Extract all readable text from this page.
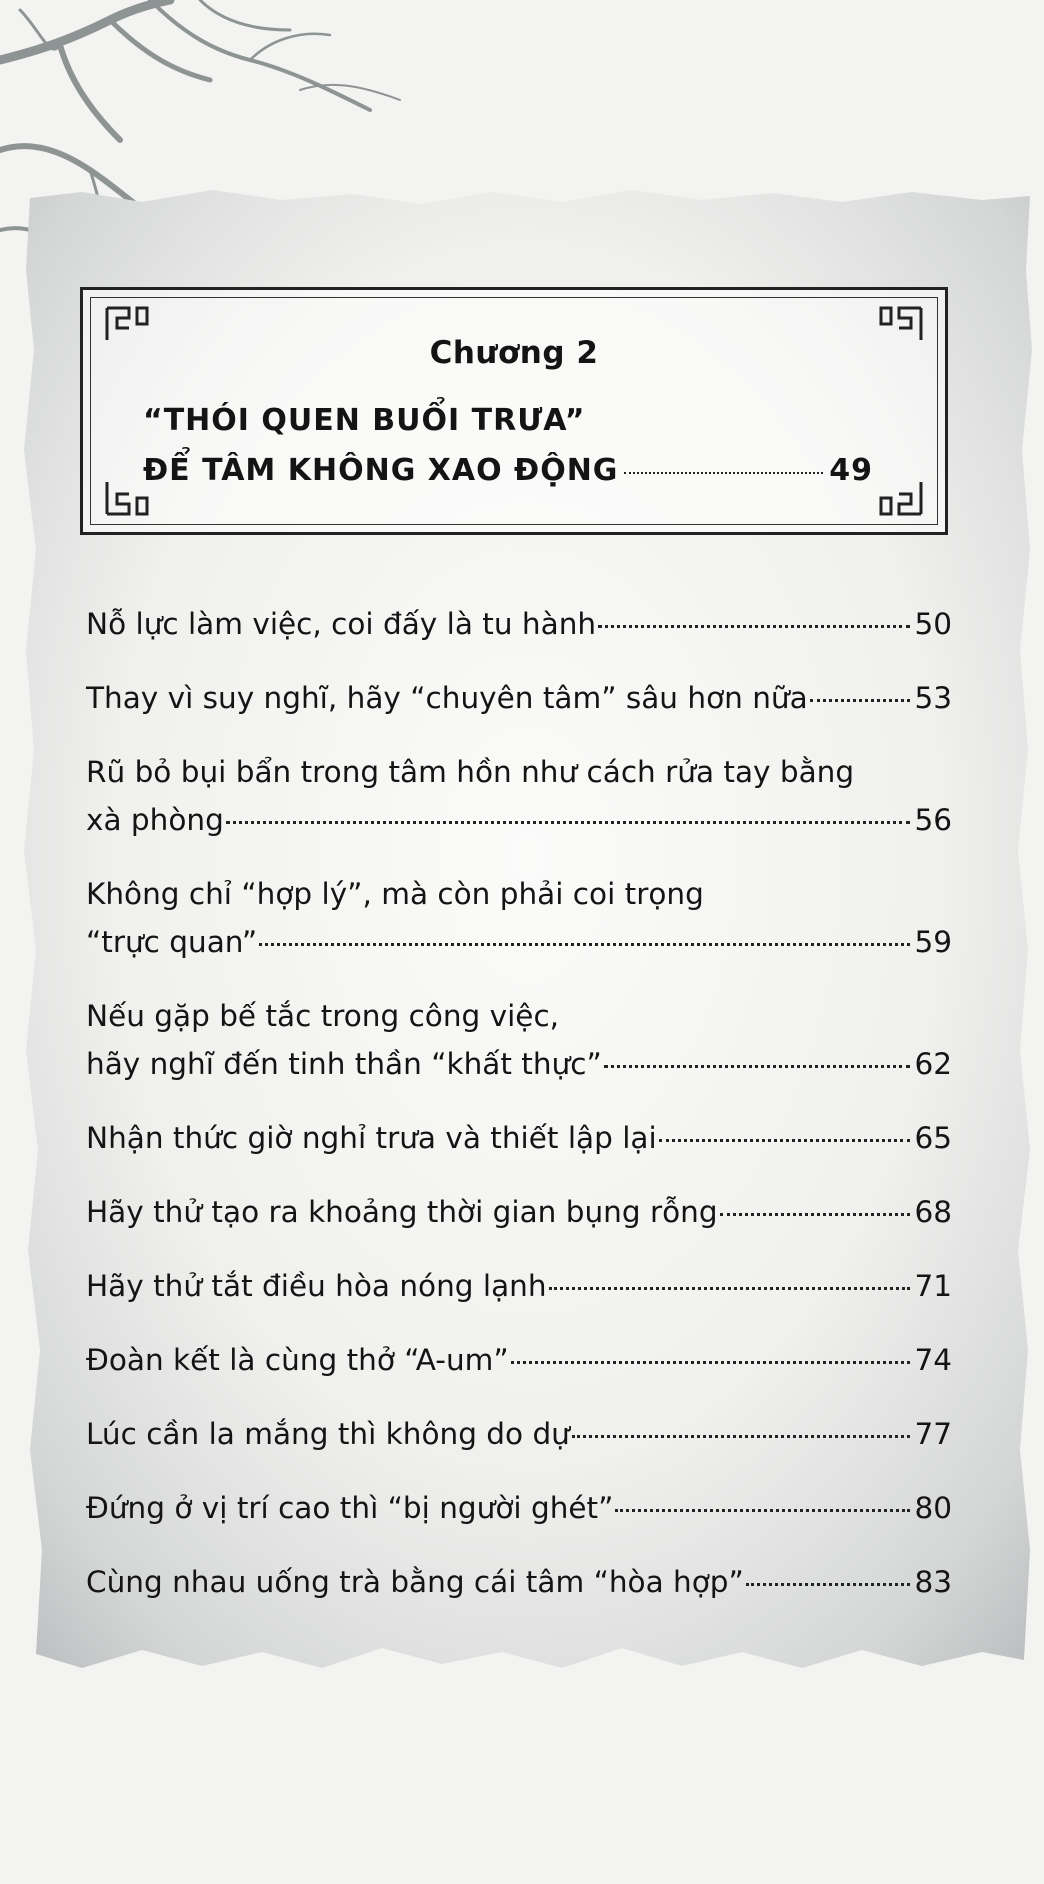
Chương 2
“THÓI QUEN BUỔI TRƯA”
ĐỂ TÂM KHÔNG XAO ĐỘNG	49
Nỗ lực làm việc, coi đấy là tu hành	50
Thay vì suy nghĩ, hãy “chuyên tâm” sâu hơn nữa	53
Rũ bỏ bụi bẩn trong tâm hồn như cách rửa tay bằng
xà phòng	56
Không chỉ “hợp lý”, mà còn phải coi trọng
“trực quan”	59
Nếu gặp bế tắc trong công việc,
hãy nghĩ đến tinh thần “khất thực”	62
Nhận thức giờ nghỉ trưa và thiết lập lại	65
Hãy thử tạo ra khoảng thời gian bụng rỗng	68
Hãy thử tắt điều hòa nóng lạnh	71
Đoàn kết là cùng thở “A-um”	74
Lúc cần la mắng thì không do dự	77
Đứng ở vị trí cao thì “bị người ghét”	80
Cùng nhau uống trà bằng cái tâm “hòa hợp”	83
